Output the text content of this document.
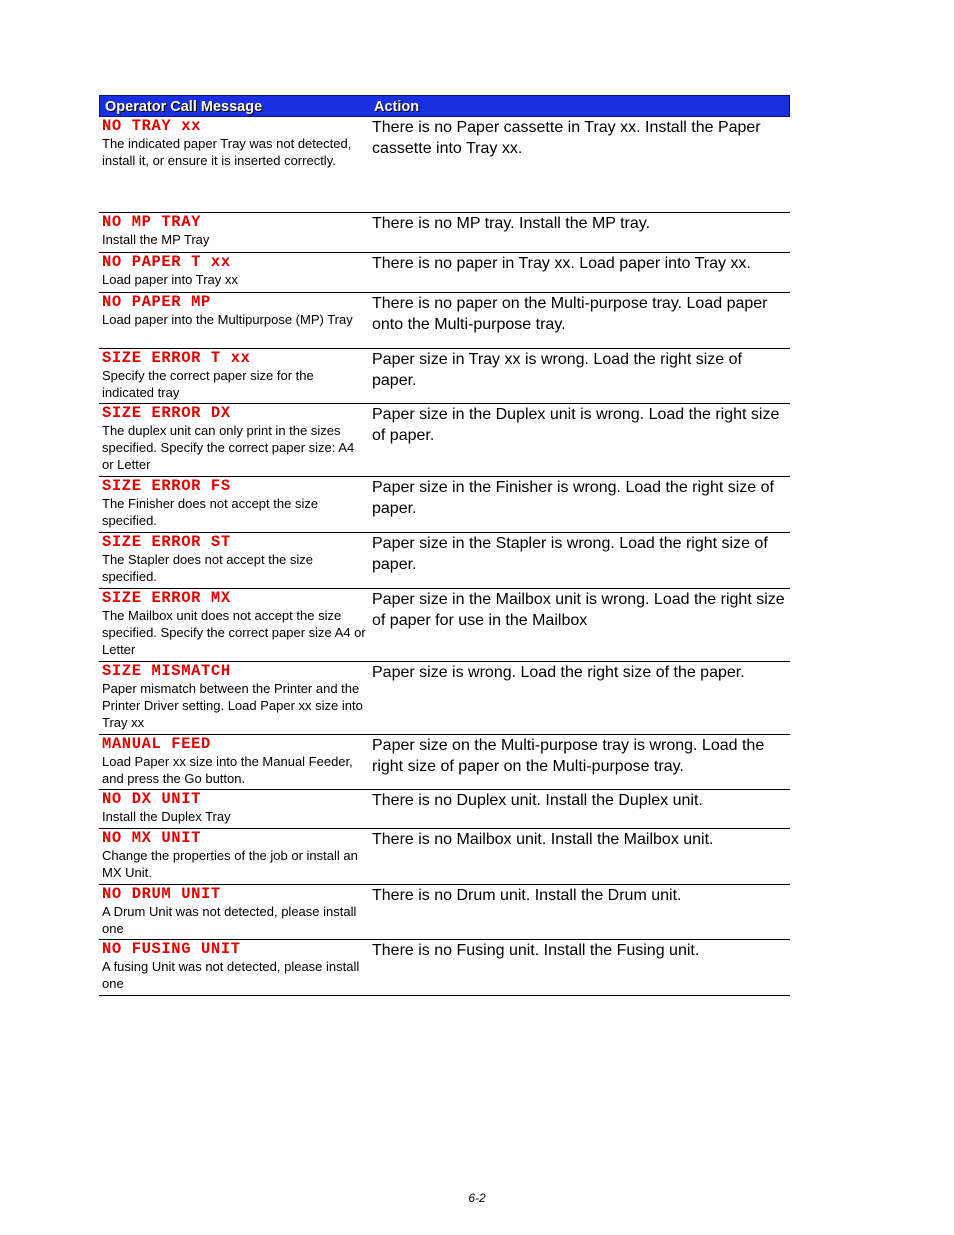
Operator Call Message	Action
NO TRAY xx
The indicated paper Tray was not detected, install it, or ensure it is inserted correctly.
There is no Paper cassette in Tray xx. Install the Paper cassette into Tray xx.
NO MP TRAY
Install the MP Tray
There is no MP tray. Install the MP tray.
NO PAPER T xx
Load paper into Tray xx
There is no paper in Tray xx. Load paper into Tray xx.
NO PAPER MP
Load paper into the Multipurpose (MP) Tray
There is no paper on the Multi-purpose tray. Load paper onto the Multi-purpose tray.
SIZE ERROR T xx
Specify the correct paper size for the indicated tray
Paper size in Tray xx is wrong. Load the right size of paper.
SIZE ERROR DX
The duplex unit can only print in the sizes specified. Specify the correct paper size: A4 or Letter
Paper size in the Duplex unit is wrong. Load the right size of paper.
SIZE ERROR FS
The Finisher does not accept the size specified.
Paper size in the Finisher is wrong. Load the right size of paper.
SIZE ERROR ST
The Stapler does not accept the size specified.
Paper size in the Stapler is wrong. Load the right size of paper.
SIZE ERROR MX
The Mailbox unit does not accept the size specified. Specify the correct paper size A4 or Letter
Paper size in the Mailbox unit is wrong. Load the right size of paper for use in the Mailbox
SIZE MISMATCH
Paper mismatch between the Printer and the Printer Driver setting. Load Paper xx size into Tray xx
Paper size is wrong. Load the right size of the paper.
MANUAL FEED
Load Paper xx size into the Manual Feeder, and press the Go button.
Paper size on the Multi-purpose tray is wrong. Load the right size of paper on the Multi-purpose tray.
NO DX UNIT
Install the Duplex Tray
There is no Duplex unit. Install the Duplex unit.
NO MX UNIT
Change the properties of the job or install an MX Unit.
There is no Mailbox unit. Install the Mailbox unit.
NO DRUM UNIT
A Drum Unit was not detected, please install one
There is no Drum unit. Install the Drum unit.
NO FUSING UNIT
A fusing Unit was not detected, please install one
There is no Fusing unit. Install the Fusing unit.
6-2
